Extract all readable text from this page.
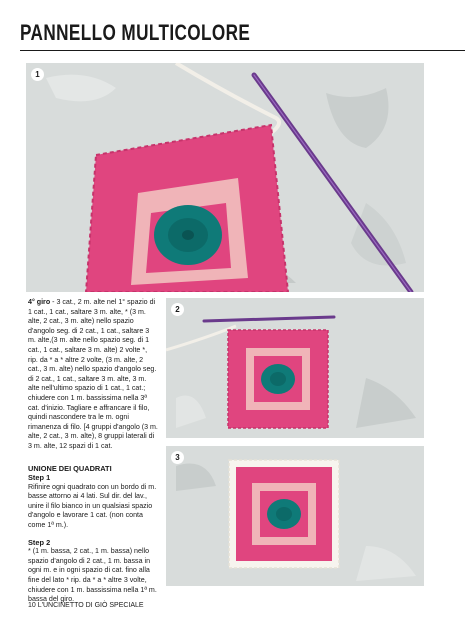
PANNELLO MULTICOLORE
1
2
3

4° giro - 3 cat., 2 m. alte nel 1° spazio di 1 cat., 1 cat., saltare 3 m. alte, * (3 m. alte, 2 cat., 3 m. alte) nello spazio d'angolo seg. di 2 cat., 1 cat., saltare 3 m. alte,(3 m. alte nello spazio seg. di 1 cat., 1 cat., saltare 3 m. alte) 2 volte *, rip. da * a * altre 2 volte, (3 m. alte, 2 cat., 3 m. alte) nello spazio d'angolo seg. di 2 cat., 1 cat., saltare 3 m. alte, 3 m. alte nell'ultimo spazio di 1 cat., 1 cat.; chiudere con 1 m. bassissima nella 3ª cat. d'inizio. Tagliare e affrancare il filo, quindi nascondere tra le m. ogni rimanenza di filo. [4 gruppi d'angolo (3 m. alte, 2 cat., 3 m. alte), 8 gruppi laterali di 3 m. alte, 12 spazi di 1 cat.

UNIONE DEI QUADRATI
Step 1

Rifinire ogni quadrato con un bordo di m. basse attorno ai 4 lati. Sul dir. del lav., unire il filo bianco in un qualsiasi spazio d'angolo e lavorare 1 cat. (non conta come 1ª m.).

Step 2

* (1 m. bassa, 2 cat., 1 m. bassa) nello spazio d'angolo di 2 cat., 1 m. bassa in ogni m. e in ogni spazio di cat. fino alla fine del lato * rip. da * a * altre 3 volte, chiudere con 1 m. bassissima nella 1ª m. bassa del giro.

10 L'UNCINETTO DI GIÒ SPECIALE
